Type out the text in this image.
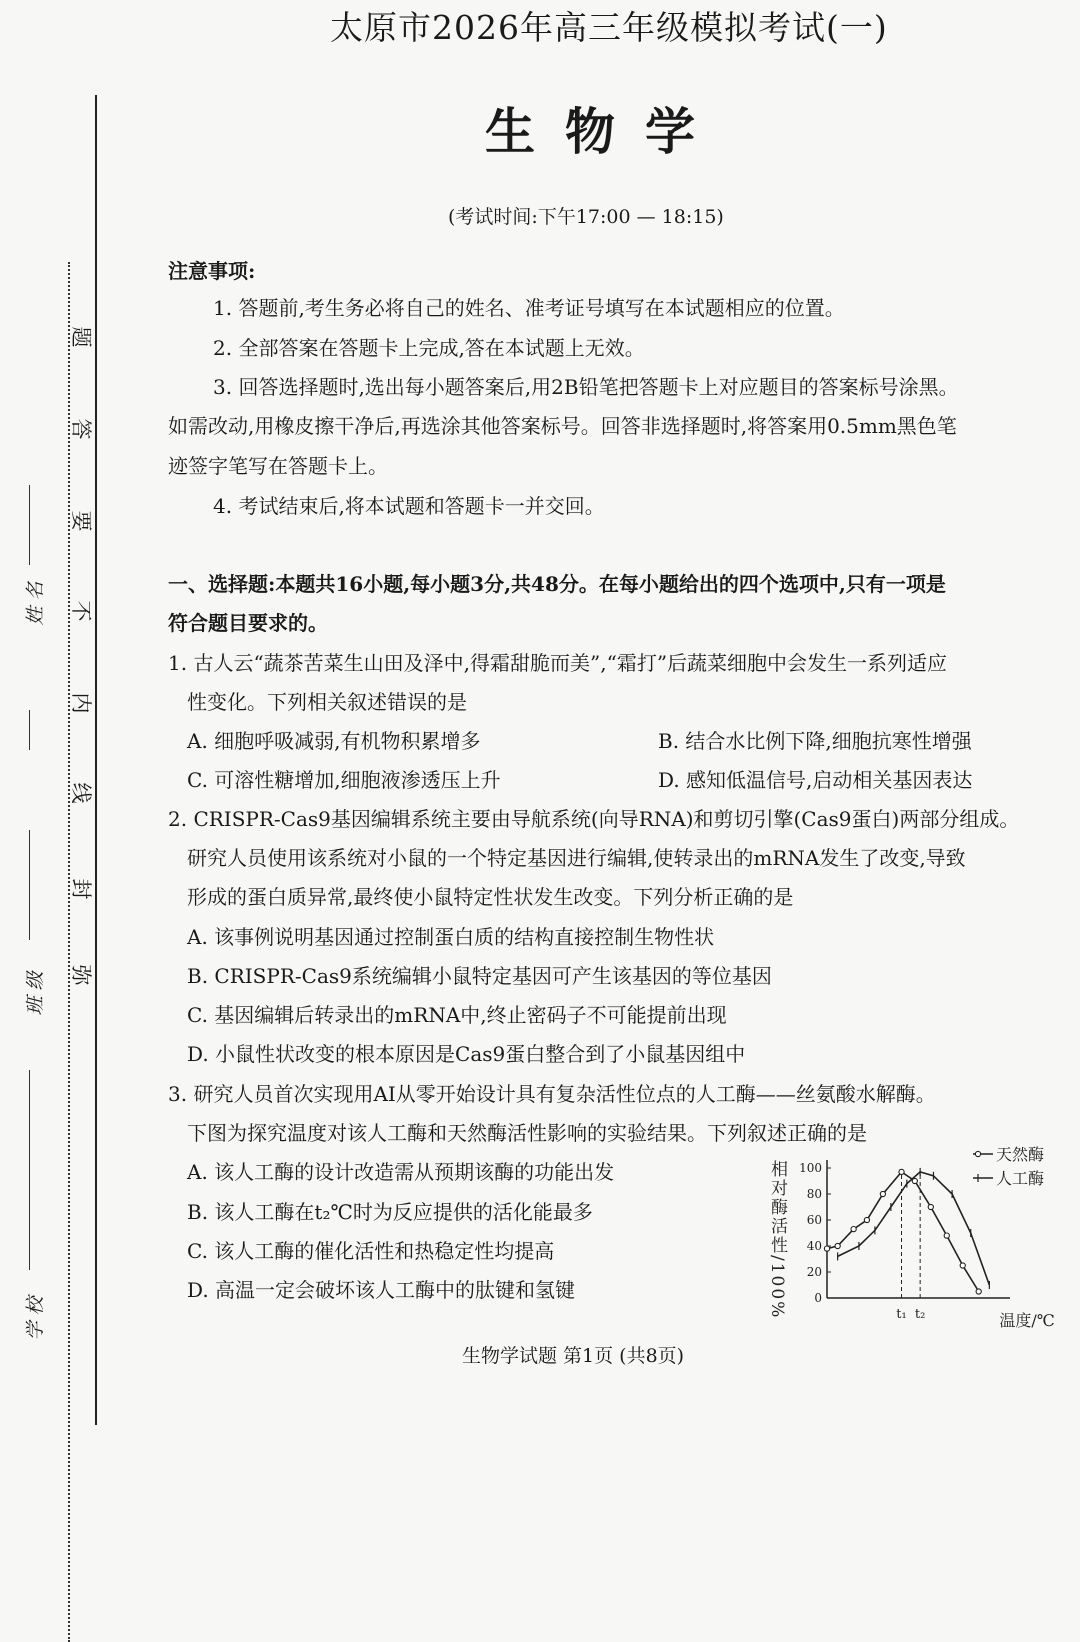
题
答
要
不
内
线
封
弥
姓 名
班 级
学 校
太原市2026年高三年级模拟考试(一)
生物学
(考试时间:下午17:00 — 18:15)
注意事项:
1. 答题前,考生务必将自己的姓名、准考证号填写在本试题相应的位置。
2. 全部答案在答题卡上完成,答在本试题上无效。
3. 回答选择题时,选出每小题答案后,用2B铅笔把答题卡上对应题目的答案标号涂黑。
如需改动,用橡皮擦干净后,再选涂其他答案标号。回答非选择题时,将答案用0.5mm黑色笔
迹签字笔写在答题卡上。
4. 考试结束后,将本试题和答题卡一并交回。
一、选择题:本题共16小题,每小题3分,共48分。在每小题给出的四个选项中,只有一项是
符合题目要求的。
1. 古人云“蔬茶苦菜生山田及泽中,得霜甜脆而美”,“霜打”后蔬菜细胞中会发生一系列适应
性变化。下列相关叙述错误的是
A. 细胞呼吸减弱,有机物积累增多	B. 结合水比例下降,细胞抗寒性增强
C. 可溶性糖增加,细胞液渗透压上升	D. 感知低温信号,启动相关基因表达
2. CRISPR-Cas9基因编辑系统主要由导航系统(向导RNA)和剪切引擎(Cas9蛋白)两部分组成。
研究人员使用该系统对小鼠的一个特定基因进行编辑,使转录出的mRNA发生了改变,导致
形成的蛋白质异常,最终使小鼠特定性状发生改变。下列分析正确的是
A. 该事例说明基因通过控制蛋白质的结构直接控制生物性状
B. CRISPR-Cas9系统编辑小鼠特定基因可产生该基因的等位基因
C. 基因编辑后转录出的mRNA中,终止密码子不可能提前出现
D. 小鼠性状改变的根本原因是Cas9蛋白整合到了小鼠基因组中
3. 研究人员首次实现用AI从零开始设计具有复杂活性位点的人工酶——丝氨酸水解酶。
下图为探究温度对该人工酶和天然酶活性影响的实验结果。下列叙述正确的是
A. 该人工酶的设计改造需从预期该酶的功能出发
B. 该人工酶在t₂℃时为反应提供的活化能最多
C. 该人工酶的催化活性和热稳定性均提高
D. 高温一定会破坏该人工酶中的肽键和氢键	0
20
40
60
80
100
相对酶活性/100%
温度/℃
t₁ t₂
天然酶
人工酶
生物学试题 第1页 (共8页)
